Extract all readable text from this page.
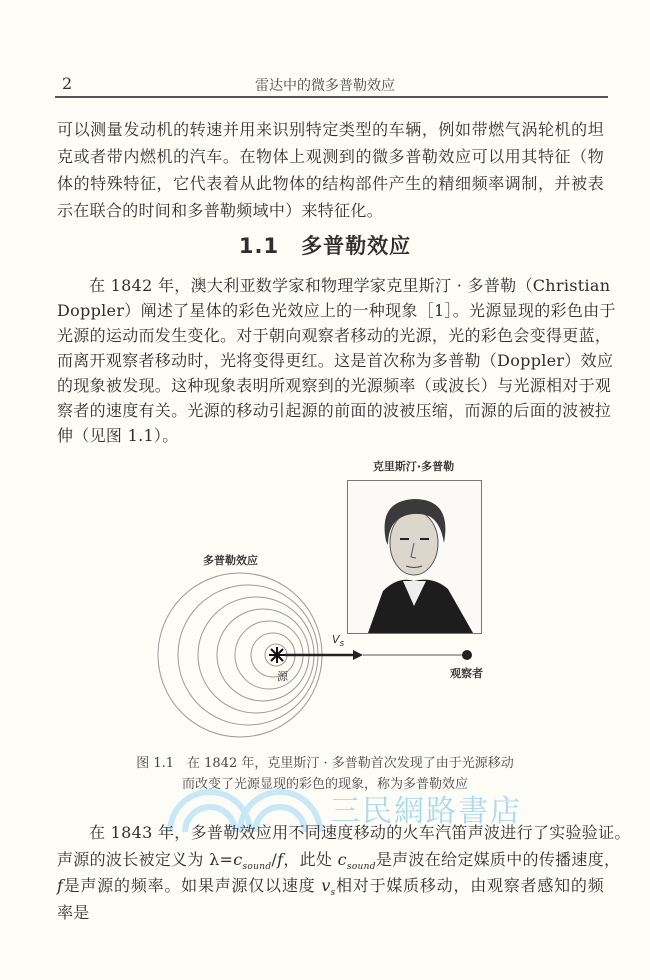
2	雷达中的微多普勒效应
可以测量发动机的转速并用来识别特定类型的车辆，例如带燃气涡轮机的坦
克或者带内燃机的汽车。在物体上观测到的微多普勒效应可以用其特征（物
体的特殊特征，它代表着从此物体的结构部件产生的精细频率调制，并被表
示在联合的时间和多普勒频域中）来特征化。
1.1 多普勒效应
在 1842 年，澳大利亚数学家和物理学家克里斯汀 · 多普勒（Christian
Doppler）阐述了星体的彩色光效应上的一种现象［1］。光源显现的彩色由于
光源的运动而发生变化。对于朝向观察者移动的光源，光的彩色会变得更蓝，
而离开观察者移动时，光将变得更红。这是首次称为多普勒（Doppler）效应
的现象被发现。这种现象表明所观察到的光源频率（或波长）与光源相对于观
察者的速度有关。光源的移动引起源的前面的波被压缩，而源的后面的波被拉
伸（见图 1.1）。
克里斯汀·多普勒
多普勒效应
$V_s$
源	观察者
图 1.1　在 1842 年，克里斯汀 · 多普勒首次发现了由于光源移动
而改变了光源显现的彩色的现象，称为多普勒效应
三民網路書店
在 1843 年，多普勒效应用不同速度移动的火车汽笛声波进行了实验验证。
声源的波长被定义为 $\lambda=c_{sound}/f$，此处 $c_{sound}$是声波在给定媒质中的传播速度，
f是声源的频率。如果声源仅以速度 $v_s$相对于媒质移动，由观察者感知的频
率是
